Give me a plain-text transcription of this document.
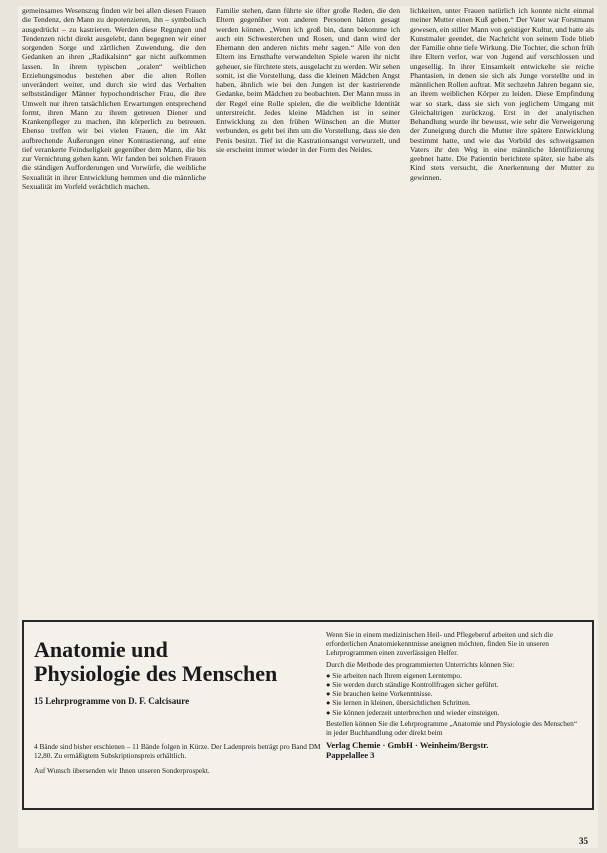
gemeinsames Wesenszug finden wir bei allen diesen Frauen die Tendenz, den Mann zu depotenzieren, ihn – symbolisch ausgedrückt – zu kastrieren. Werden diese Regungen und Tendenzen nicht direkt ausgelebt, dann begegnen wir einer sorgenden Sorge und zärtlichen Zuwendung, die den Gedanken an ihren „Radikalsinn“ gar nicht aufkommen lassen. In ihrem typischen „oralen“ weiblichen Erziehungsmodus bestehen aber die alten Rollen unverändert weiter, und durch sie wird das Verhalten selbstständiger Männer hypochondrischer Frau, die ihre Umwelt nur ihren tatsächlichen Erwartungen entsprechend formt, ihren Mann zu ihrem getreuen Diener und Krankenpfleger zu machen, ihn körperlich zu betreuen. Ebenso treffen wir bei vielen Frauen, die im Akt aufbrechende Äußerungen einer Kontrastierung, auf eine tief verankerte Feindseligkeit gegenüber dem Mann, die bis zur Vernichtung gehen kann. Wir fanden bei solchen Frauen die ständigen Aufforderungen und Vorwürfe, die weibliche Sexualität in ihrer Entwicklung hemmen und die männliche Sexualität im Vorfeld verächtlich machen.

Familie stehen, dann führte sie öfter große Reden, die den Eltern gegenüber von anderen Personen hätten gesagt werden können. „Wenn ich groß bin, dann bekomme ich auch ein Schwesterchen und Rosen, und dann wird der Ehemann den anderen nichts mehr sagen.“ Alle von den Eltern ins Ernsthafte verwandelten Spiele waren ihr nicht geheuer, sie fürchtete stets, ausgelacht zu werden. Wir sehen somit, ist die Vorstellung, dass die kleinen Mädchen Angst haben, ähnlich wie bei den Jungen ist der kastrierende Gedanke, beim Mädchen zu beobachten. Der Mann muss in der Regel eine Rolle spielen, die die weibliche Identität unterstreicht. Jedes kleine Mädchen ist in seiner Entwicklung zu den frühen Wünschen an die Mutter verbunden, es geht bei ihm um die Vorstellung, dass sie den Penis besitzt. Tief ist die Kastrationsangst verwurzelt, und sie erscheint immer wieder in der Form des Neides.

lichkeiten, unter Frauen natürlich ich konnte nicht einmal meiner Mutter einen Kuß geben.“ Der Vater war Forstmann gewesen, ein stiller Mann von geistiger Kultur, und hatte als Kunstmaler geendet, die Nachricht von seinem Tode blieb der Familie ohne tiefe Wirkung. Die Tochter, die schon früh ihre Eltern verlor, war von Jugend auf verschlossen und ungesellig. In ihrer Einsamkeit entwickelte sie reiche Phantasien, in denen sie sich als Junge vorstellte und in männlichen Rollen auftrat. Mit sechzehn Jahren begann sie, an ihrem weiblichen Körper zu leiden. Diese Empfindung war so stark, dass sie sich von jeglichem Umgang mit Gleichaltrigen zurückzog. Erst in der analytischen Behandlung wurde ihr bewusst, wie sehr die Verweigerung der Zuneigung durch die Mutter ihre spätere Entwicklung bestimmt hatte, und wie das Vorbild des schweigsamen Vaters ihr den Weg in eine männliche Identifizierung geebnet hatte. Die Patientin berichtete später, sie habe als Kind stets versucht, die Anerkennung der Mutter zu gewinnen.

Anatomie und
Physiologie des Menschen
15 Lehrprogramme von D. F. Calcisaure
4 Bände sind bisher erschienen – 11 Bände folgen in Kürze. Der Ladenpreis beträgt pro Band DM 12,80. Zu ermäßigtem Subskriptionspreis erhältlich.
Auf Wunsch übersenden wir Ihnen unseren Sonderprospekt.

Wenn Sie in einem medizinischen Heil- und Pflegeberuf arbeiten und sich die erforderlichen Anatomiekenntnisse aneignen möchten, finden Sie in unseren Lehrprogrammen einen zuverlässigen Helfer.

Durch die Methode des programmierten Unterrichts können Sie:

● Sie arbeiten nach Ihrem eigenen Lerntempo.
● Sie werden durch ständige Kontrollfragen sicher geführt.
● Sie brauchen keine Vorkenntnisse.
● Sie lernen in kleinen, übersichtlichen Schritten.
● Sie können jederzeit unterbrechen und wieder einsteigen.

Bestellen können Sie die Lehrprogramme „Anatomie und Physiologie des Menschen“ in jeder Buchhandlung oder direkt beim

Verlag Chemie · GmbH · Weinheim/Bergstr.
Pappelallee 3
35
